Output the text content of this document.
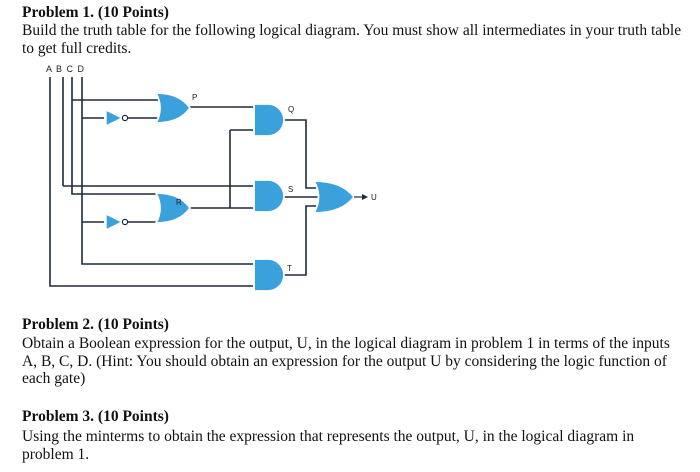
Problem 1. (10 Points)

Build the truth table for the following logical diagram. You must show all intermediates in your truth table to get full credits.

A B C D
P
R
Q
S
T
U
Problem 2. (10 Points)

Obtain a Boolean expression for the output, U, in the logical diagram in problem 1 in terms of the inputs A, B, C, D. (Hint: You should obtain an expression for the output U by considering the logic function of each gate)

Problem 3. (10 Points)

Using the minterms to obtain the expression that represents the output, U, in the logical diagram in problem 1.
